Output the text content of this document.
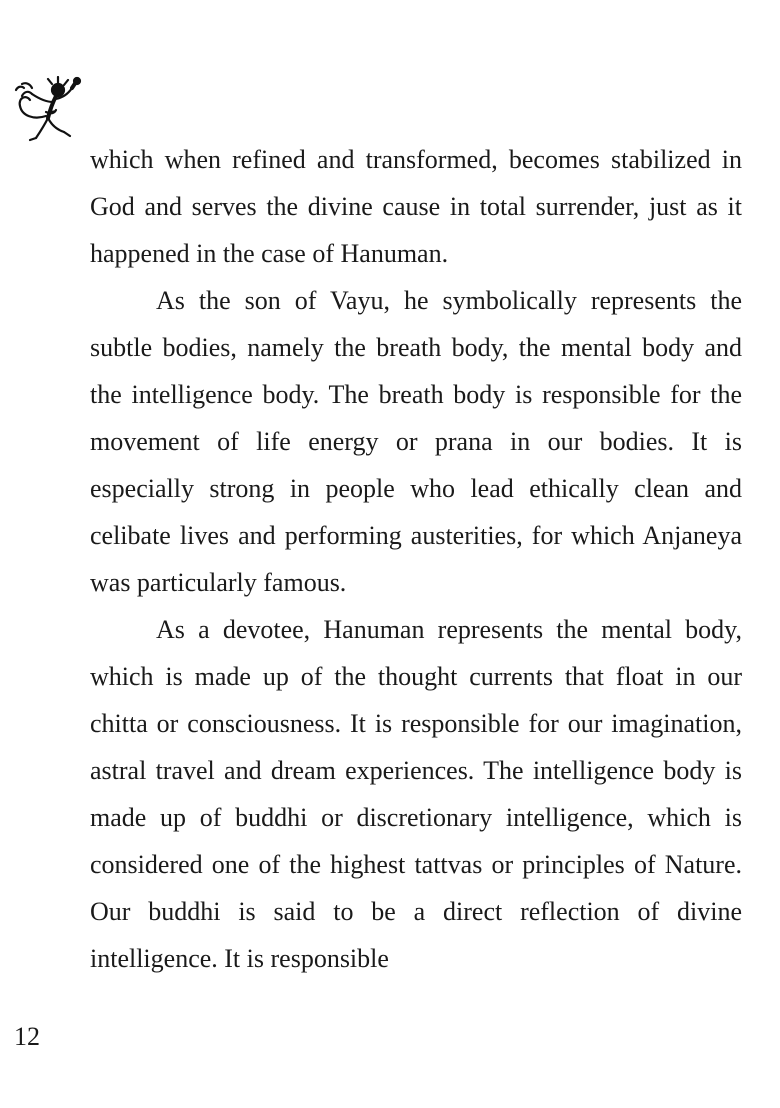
which when refined and transformed, becomes stabilized in God and serves the divine cause in total surrender, just as it happened in the case of Hanuman.

As the son of Vayu, he symbolically represents the subtle bodies, namely the breath body, the mental body and the intelligence body. The breath body is responsible for the movement of life energy or prana in our bodies. It is especially strong in people who lead ethically clean and celibate lives and performing austerities, for which Anjaneya was particularly famous.

As a devotee, Hanuman represents the mental body, which is made up of the thought currents that float in our chitta or consciousness. It is responsible for our imagination, astral travel and dream experiences. The intelligence body is made up of buddhi or discretionary intelligence, which is considered one of the highest tattvas or principles of Nature. Our buddhi is said to be a direct reflection of divine intelligence. It is responsible

12
